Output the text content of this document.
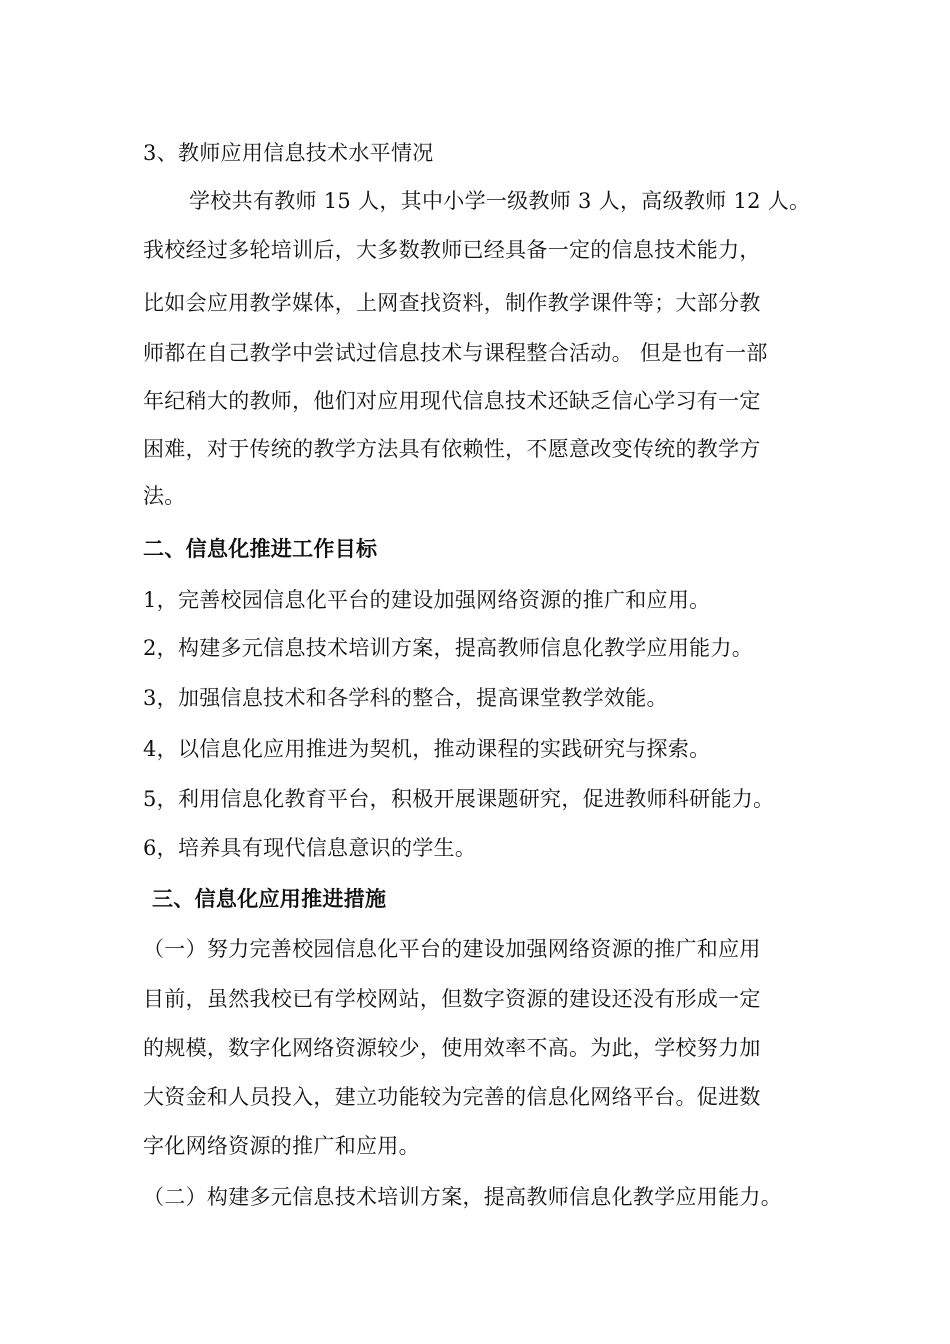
3、教师应用信息技术水平情况
学校共有教师 15 人，其中小学一级教师 3 人，高级教师 12 人。
我校经过多轮培训后，大多数教师已经具备一定的信息技术能力，
比如会应用教学媒体，上网查找资料，制作教学课件等；大部分教
师都在自己教学中尝试过信息技术与课程整合活动。 但是也有一部
年纪稍大的教师，他们对应用现代信息技术还缺乏信心学习有一定
困难，对于传统的教学方法具有依赖性，不愿意改变传统的教学方
法。
二、信息化推进工作目标
1，完善校园信息化平台的建设加强网络资源的推广和应用。
2，构建多元信息技术培训方案，提高教师信息化教学应用能力。
3，加强信息技术和各学科的整合，提高课堂教学效能。
4，以信息化应用推进为契机，推动课程的实践研究与探索。
5，利用信息化教育平台，积极开展课题研究，促进教师科研能力。
6，培养具有现代信息意识的学生。
三、信息化应用推进措施
（一）努力完善校园信息化平台的建设加强网络资源的推广和应用
目前，虽然我校已有学校网站，但数字资源的建设还没有形成一定
的规模，数字化网络资源较少，使用效率不高。为此，学校努力加
大资金和人员投入，建立功能较为完善的信息化网络平台。促进数
字化网络资源的推广和应用。
（二）构建多元信息技术培训方案，提高教师信息化教学应用能力。
